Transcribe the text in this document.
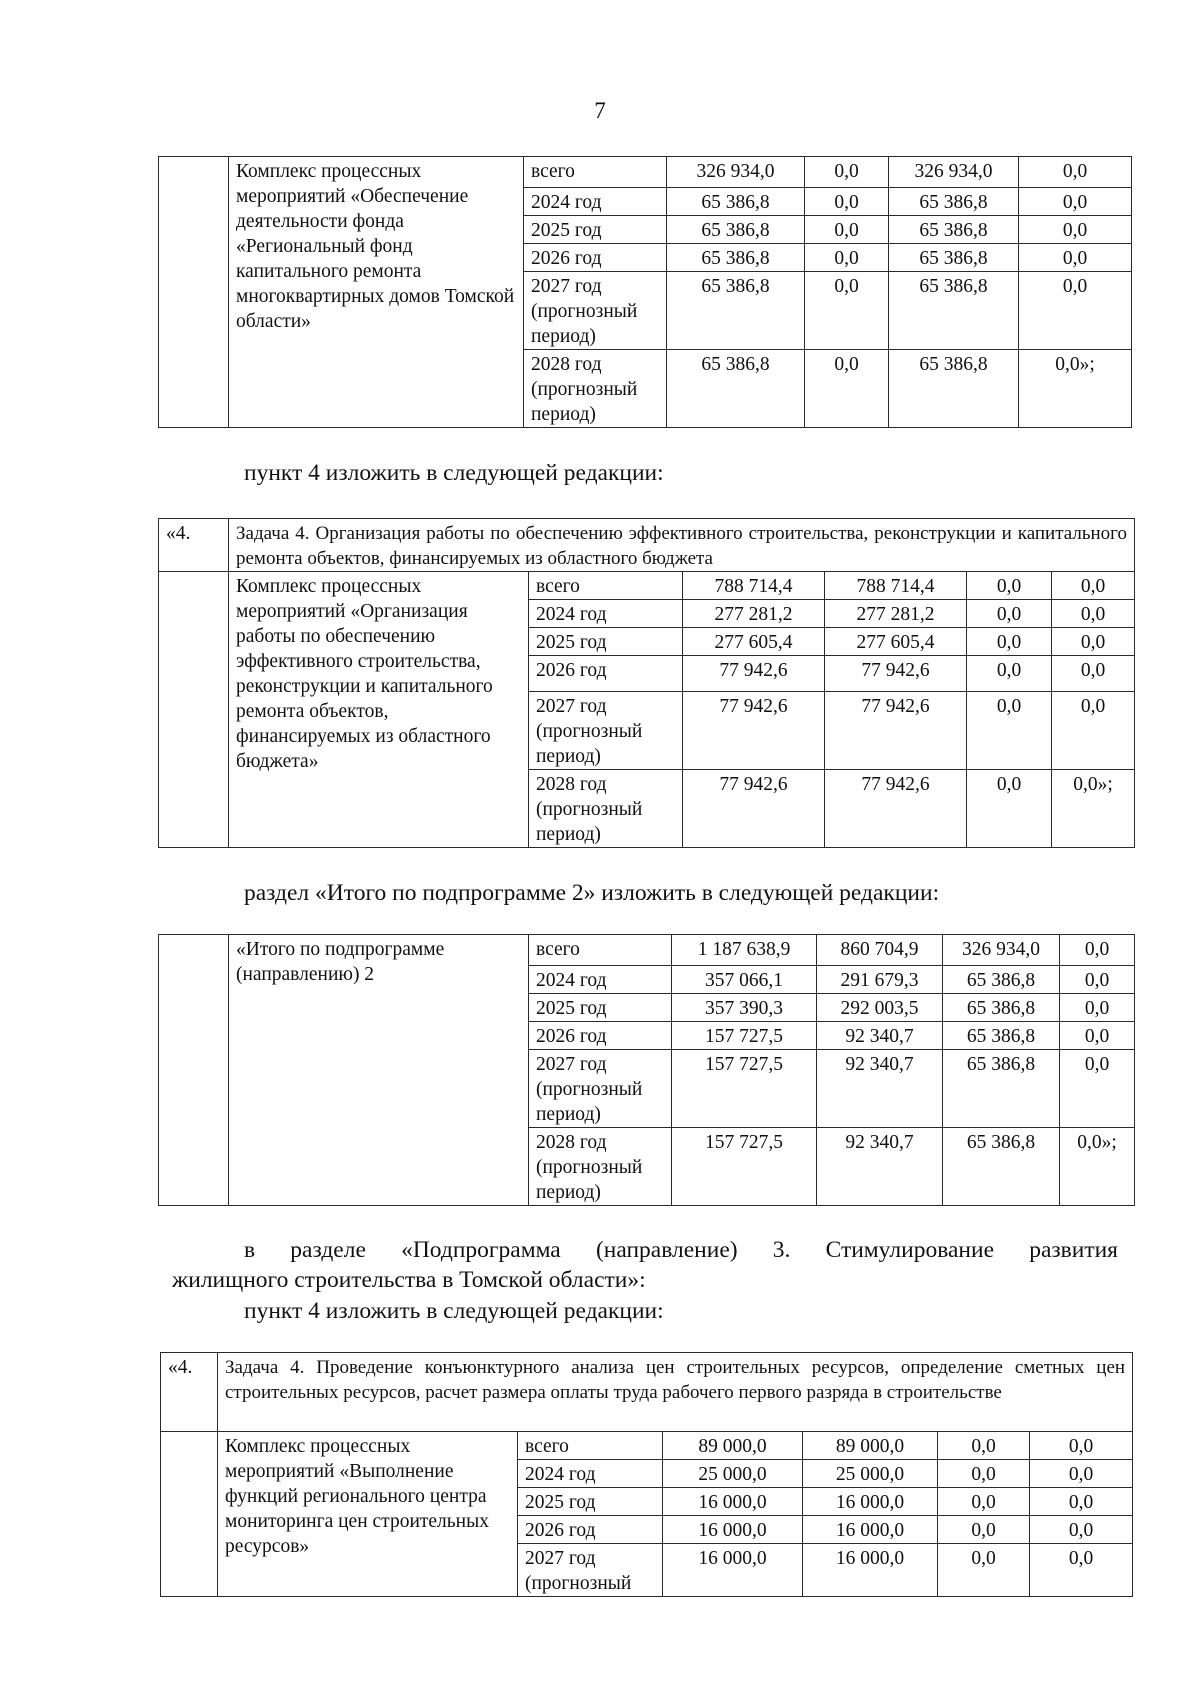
7
	Комплекс процессных мероприятий «Обеспечение деятельности фонда «Региональный фонд капитального ремонта многоквартирных домов Томской области»	всего	326 934,0	0,0	326 934,0	0,0
		2024 год	65 386,8	0,0	65 386,8	0,0
		2025 год	65 386,8	0,0	65 386,8	0,0
		2026 год	65 386,8	0,0	65 386,8	0,0
		2027 год (прогнозный период)	65 386,8	0,0	65 386,8	0,0
		2028 год (прогнозный период)	65 386,8	0,0	65 386,8	0,0»;
пункт 4 изложить в следующей редакции:
«4.	Задача 4. Организация работы по обеспечению эффективного строительства, реконструкции и капитального ремонта объектов, финансируемых из областного бюджета					
	Комплекс процессных мероприятий «Организация работы по обеспечению эффективного строительства, реконструкции и капитального ремонта объектов, финансируемых из областного бюджета»	всего	788 714,4	788 714,4	0,0	0,0
		2024 год	277 281,2	277 281,2	0,0	0,0
		2025 год	277 605,4	277 605,4	0,0	0,0
		2026 год	77 942,6	77 942,6	0,0	0,0
		2027 год (прогнозный период)	77 942,6	77 942,6	0,0	0,0
		2028 год (прогнозный период)	77 942,6	77 942,6	0,0	0,0»;
раздел «Итого по подпрограмме 2» изложить в следующей редакции:
	«Итого по подпрограмме (направлению) 2	всего	1 187 638,9	860 704,9	326 934,0	0,0
		2024 год	357 066,1	291 679,3	65 386,8	0,0
		2025 год	357 390,3	292 003,5	65 386,8	0,0
		2026 год	157 727,5	92 340,7	65 386,8	0,0
		2027 год (прогнозный период)	157 727,5	92 340,7	65 386,8	0,0
		2028 год (прогнозный период)	157 727,5	92 340,7	65 386,8	0,0»;
в разделе «Подпрограмма (направление) 3. Стимулирование развития
жилищного строительства в Томской области»:
пункт 4 изложить в следующей редакции:
«4.	Задача 4. Проведение конъюнктурного анализа цен строительных ресурсов, определение сметных цен строительных ресурсов, расчет размера оплаты труда рабочего первого разряда в строительстве					
	Комплекс процессных мероприятий «Выполнение функций регионального центра мониторинга цен строительных ресурсов»	всего	89 000,0	89 000,0	0,0	0,0
		2024 год	25 000,0	25 000,0	0,0	0,0
		2025 год	16 000,0	16 000,0	0,0	0,0
		2026 год	16 000,0	16 000,0	0,0	0,0
		2027 год (прогнозный	16 000,0	16 000,0	0,0	0,0
